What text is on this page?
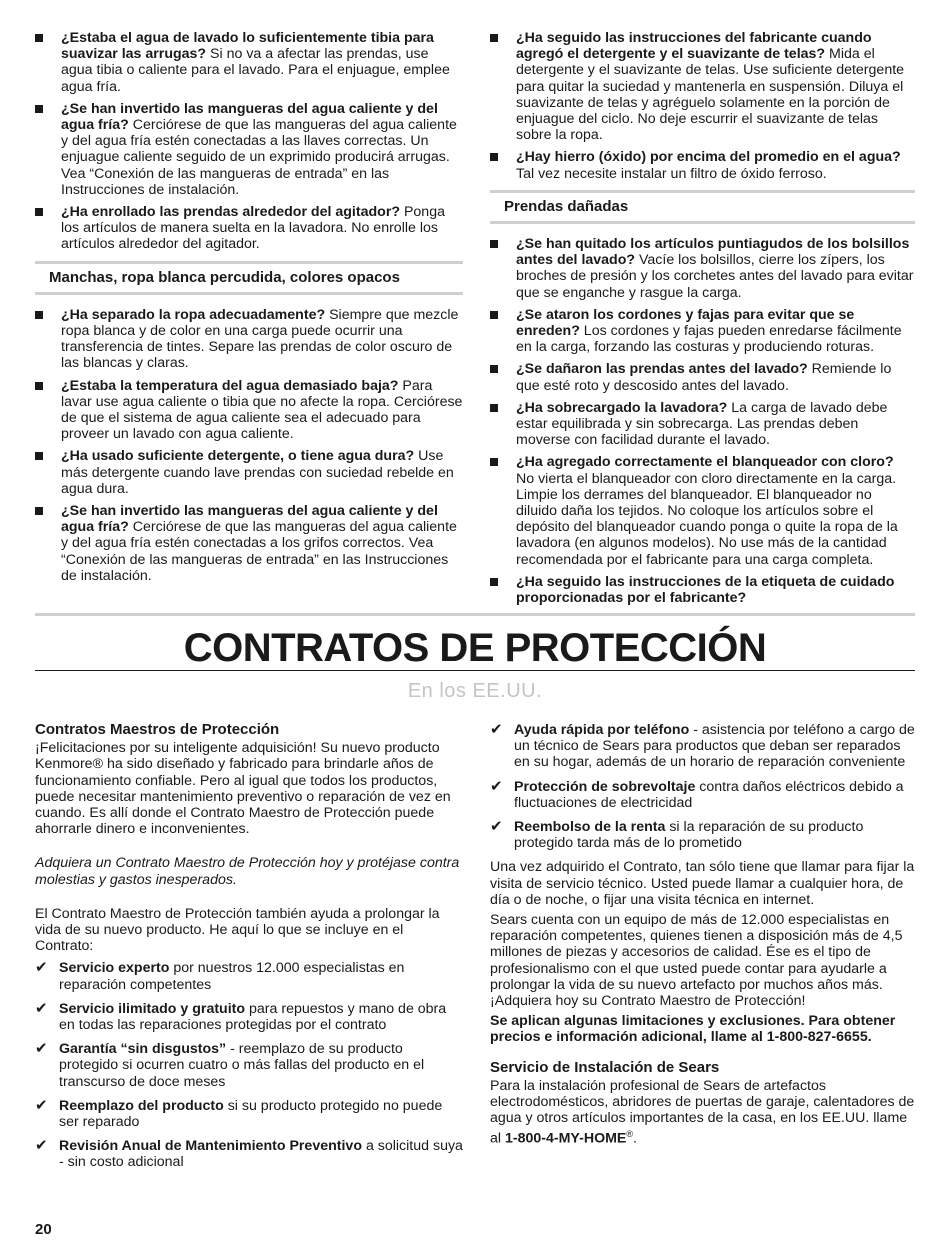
¿Estaba el agua de lavado lo suficientemente tibia para suavizar las arrugas? Si no va a afectar las prendas, use agua tibia o caliente para el lavado. Para el enjuague, emplee agua fría.
¿Se han invertido las mangueras del agua caliente y del agua fría? Cerciórese de que las mangueras del agua caliente y del agua fría estén conectadas a las llaves correctas. Un enjuague caliente seguido de un exprimido producirá arrugas. Vea “Conexión de las mangueras de entrada” en las Instrucciones de instalación.
¿Ha enrollado las prendas alrededor del agitador? Ponga los artículos de manera suelta en la lavadora. No enrolle los artículos alrededor del agitador.
Manchas, ropa blanca percudida, colores opacos
¿Ha separado la ropa adecuadamente? Siempre que mezcle ropa blanca y de color en una carga puede ocurrir una transferencia de tintes. Separe las prendas de color oscuro de las blancas y claras.
¿Estaba la temperatura del agua demasiado baja? Para lavar use agua caliente o tibia que no afecte la ropa. Cerciórese de que el sistema de agua caliente sea el adecuado para proveer un lavado con agua caliente.
¿Ha usado suficiente detergente, o tiene agua dura? Use más detergente cuando lave prendas con suciedad rebelde en agua dura.
¿Se han invertido las mangueras del agua caliente y del agua fría? Cerciórese de que las mangueras del agua caliente y del agua fría estén conectadas a los grifos correctos. Vea “Conexión de las mangueras de entrada” en las Instrucciones de instalación.
¿Ha seguido las instrucciones del fabricante cuando agregó el detergente y el suavizante de telas? Mida el detergente y el suavizante de telas. Use suficiente detergente para quitar la suciedad y mantenerla en suspensión. Diluya el suavizante de telas y agréguelo solamente en la porción de enjuague del ciclo. No deje escurrir el suavizante de telas sobre la ropa.
¿Hay hierro (óxido) por encima del promedio en el agua? Tal vez necesite instalar un filtro de óxido ferroso.
Prendas dañadas
¿Se han quitado los artículos puntiagudos de los bolsillos antes del lavado? Vacíe los bolsillos, cierre los zípers, los broches de presión y los corchetes antes del lavado para evitar que se enganche y rasgue la carga.
¿Se ataron los cordones y fajas para evitar que se enreden? Los cordones y fajas pueden enredarse fácilmente en la carga, forzando las costuras y produciendo roturas.
¿Se dañaron las prendas antes del lavado? Remiende lo que esté roto y descosido antes del lavado.
¿Ha sobrecargado la lavadora? La carga de lavado debe estar equilibrada y sin sobrecarga. Las prendas deben moverse con facilidad durante el lavado.
¿Ha agregado correctamente el blanqueador con cloro? No vierta el blanqueador con cloro directamente en la carga. Limpie los derrames del blanqueador. El blanqueador no diluido daña los tejidos. No coloque los artículos sobre el depósito del blanqueador cuando ponga o quite la ropa de la lavadora (en algunos modelos). No use más de la cantidad recomendada por el fabricante para una carga completa.
¿Ha seguido las instrucciones de la etiqueta de cuidado proporcionadas por el fabricante?
CONTRATOS DE PROTECCIÓN
En los EE.UU.
Contratos Maestros de Protección

¡Felicitaciones por su inteligente adquisición! Su nuevo producto Kenmore® ha sido diseñado y fabricado para brindarle años de funcionamiento confiable. Pero al igual que todos los productos, puede necesitar mantenimiento preventivo o reparación de vez en cuando. Es allí donde el Contrato Maestro de Protección puede ahorrarle dinero e inconvenientes.

Adquiera un Contrato Maestro de Protección hoy y protéjase contra molestias y gastos inesperados.

El Contrato Maestro de Protección también ayuda a prolongar la vida de su nuevo producto. He aquí lo que se incluye en el Contrato:

✔ Servicio experto por nuestros 12.000 especialistas en reparación competentes
✔ Servicio ilimitado y gratuito para repuestos y mano de obra en todas las reparaciones protegidas por el contrato
✔ Garantía “sin disgustos” - reemplazo de su producto protegido si ocurren cuatro o más fallas del producto en el transcurso de doce meses
✔ Reemplazo del producto si su producto protegido no puede ser reparado
✔ Revisión Anual de Mantenimiento Preventivo a solicitud suya - sin costo adicional
✔ Ayuda rápida por teléfono - asistencia por teléfono a cargo de un técnico de Sears para productos que deban ser reparados en su hogar, además de un horario de reparación conveniente
✔ Protección de sobrevoltaje contra daños eléctricos debido a fluctuaciones de electricidad
✔ Reembolso de la renta si la reparación de su producto protegido tarda más de lo prometido

Una vez adquirido el Contrato, tan sólo tiene que llamar para fijar la visita de servicio técnico. Usted puede llamar a cualquier hora, de día o de noche, o fijar una visita técnica en internet.

Sears cuenta con un equipo de más de 12.000 especialistas en reparación competentes, quienes tienen a disposición más de 4,5 millones de piezas y accesorios de calidad. Ése es el tipo de profesionalismo con el que usted puede contar para ayudarle a prolongar la vida de su nuevo artefacto por muchos años más. ¡Adquiera hoy su Contrato Maestro de Protección!

Se aplican algunas limitaciones y exclusiones. Para obtener precios e información adicional, llame al 1-800-827-6655.

Servicio de Instalación de Sears

Para la instalación profesional de Sears de artefactos electrodomésticos, abridores de puertas de garaje, calentadores de agua y otros artículos importantes de la casa, en los EE.UU. llame al 1-800-4-MY-HOME®.

20
